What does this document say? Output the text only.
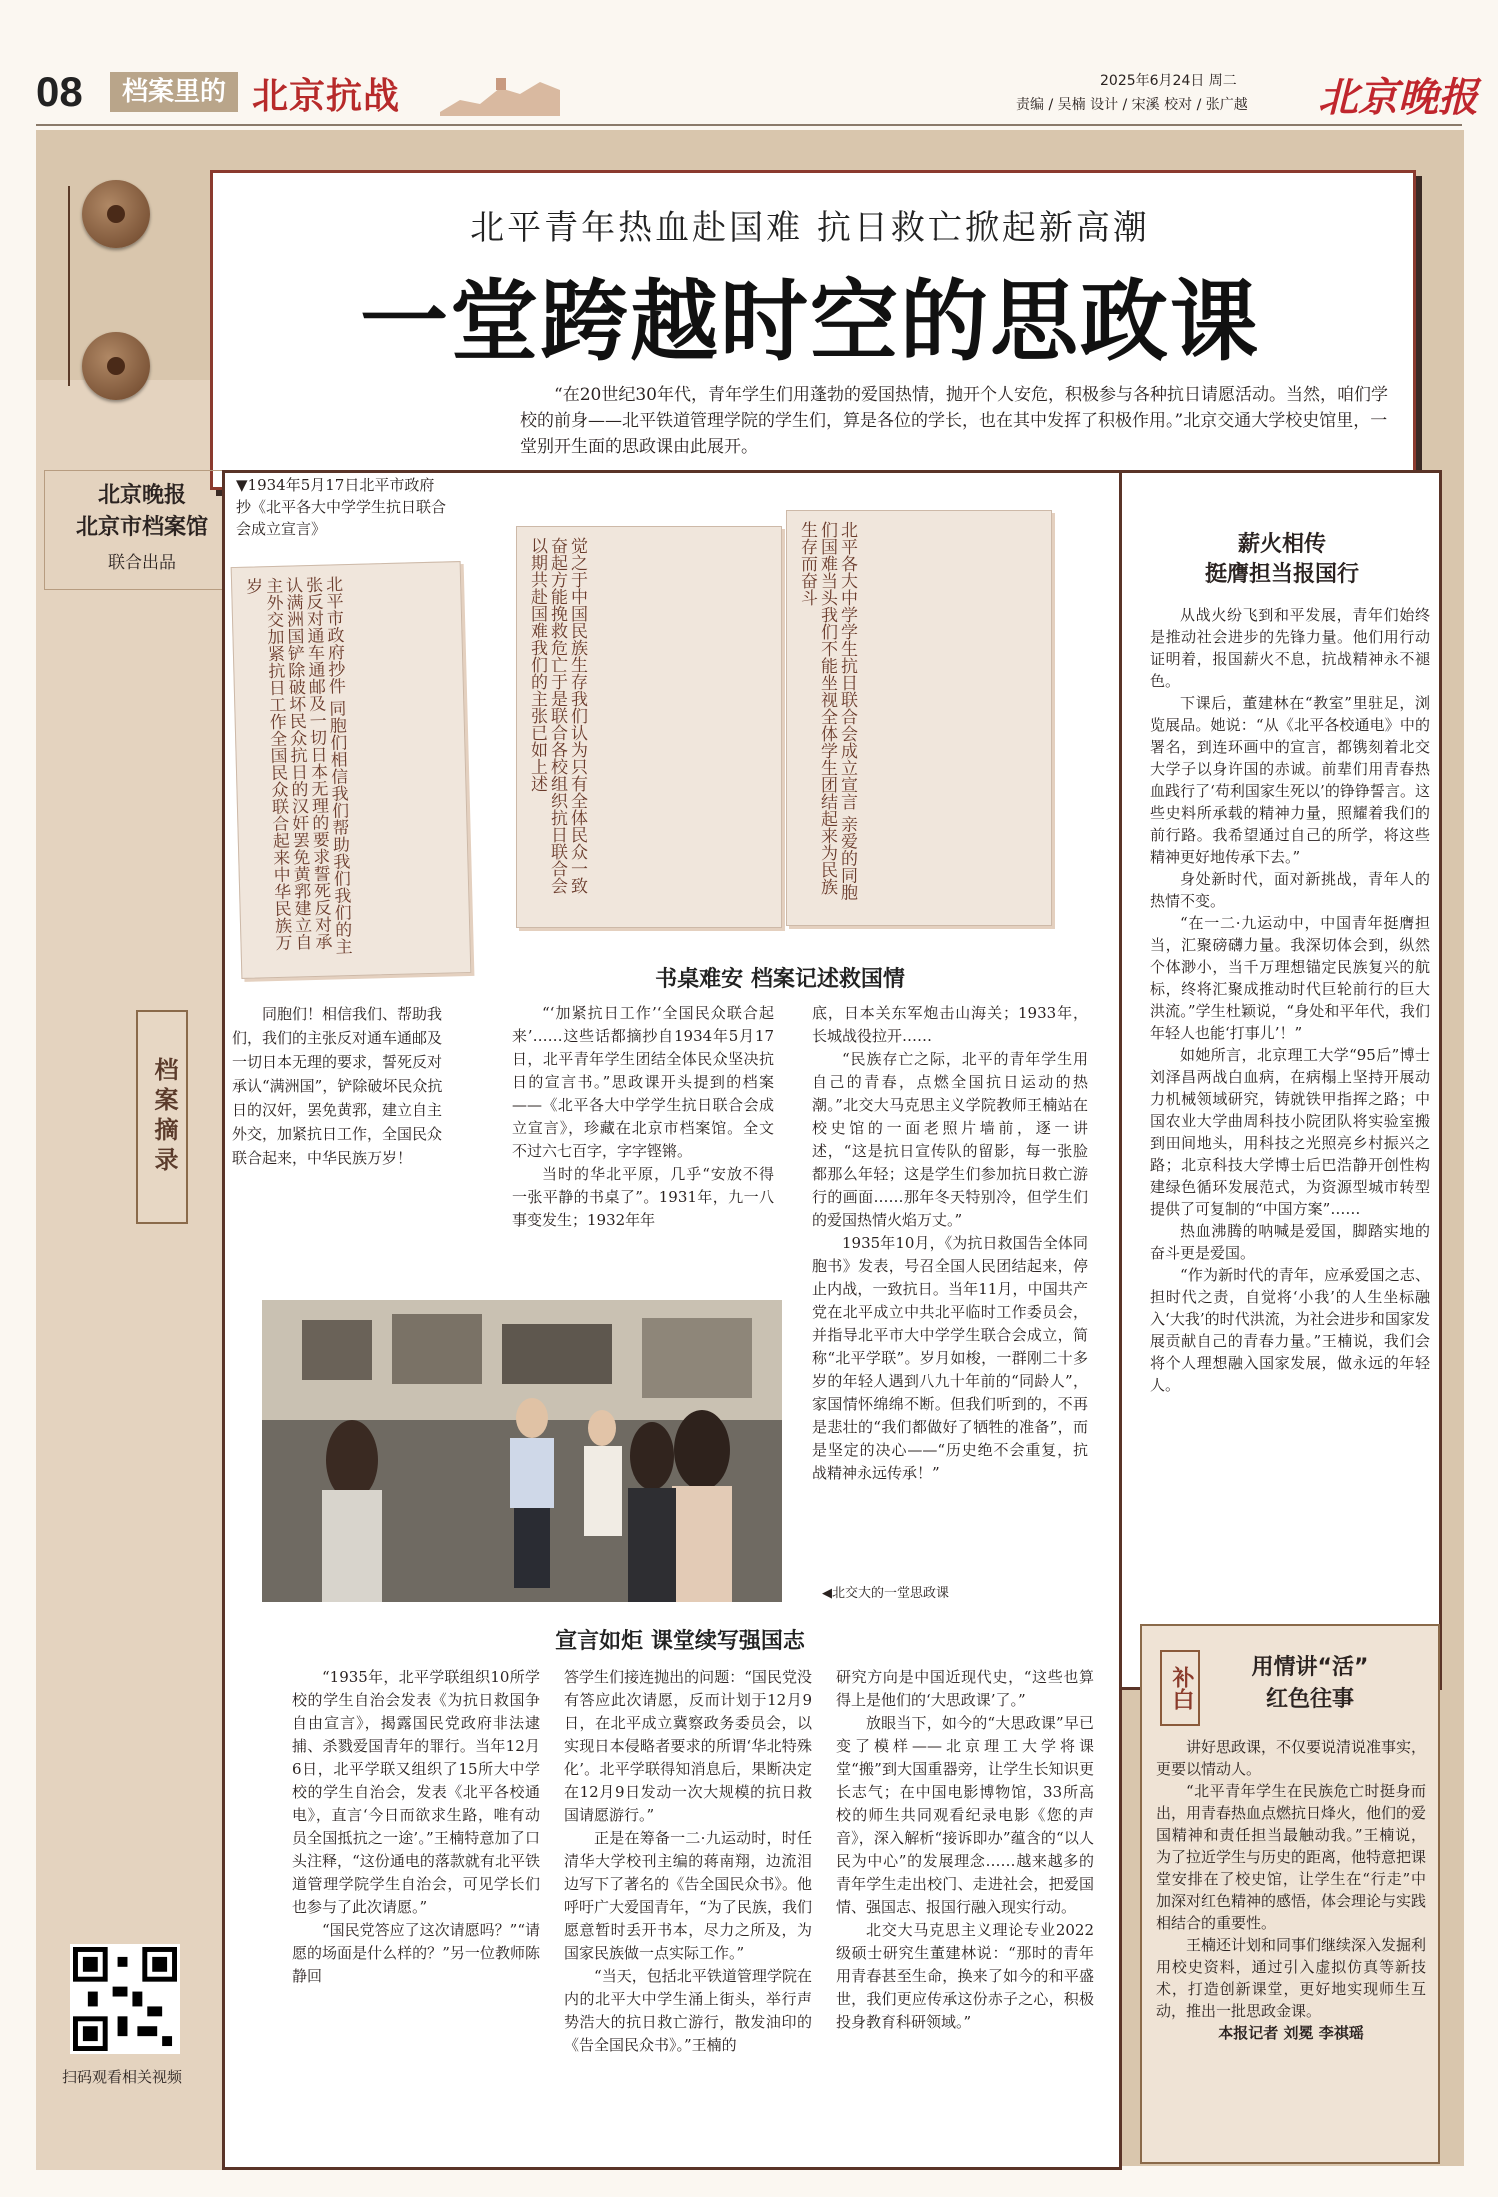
08	档案里的 北京抗战	2025年6月24日 周二
责编 / 吴楠 设计 / 宋溪 校对 / 张广越 北京晚报
北平青年热血赴国难 抗日救亡掀起新高潮
一堂跨越时空的思政课
“在20世纪30年代，青年学生们用蓬勃的爱国热情，抛开个人安危，积极参与各种抗日请愿活动。当然，咱们学校的前身——北平铁道管理学院的学生们，算是各位的学长，也在其中发挥了积极作用。”北京交通大学校史馆里，一堂别开生面的思政课由此展开。
北京晚报
北京市档案馆
联合出品
▼1934年5月17日北平市政府抄《北平各大中学学生抗日联合会成立宣言》
北平市政府抄件 同胞们相信我们帮助我们我们的主张反对通车通邮及一切日本无理的要求誓死反对承认满洲国铲除破坏民众抗日的汉奸罢免黄郛建立自主外交加紧抗日工作全国民众联合起来中华民族万岁	觉之于中国民族生存我们认为只有全体民众一致奋起方能挽救危亡于是联合各校组织抗日联合会以期共赴国难我们的主张已如上述	北平各大中学学生抗日联合会成立宣言 亲爱的同胞们国难当头我们不能坐视全体学生团结起来为民族生存而奋斗
书桌难安 档案记述救国情

“‘加紧抗日工作’‘全国民众联合起来’……这些话都摘抄自1934年5月17日，北平青年学生团结全体民众坚决抗日的宣言书。”思政课开头提到的档案——《北平各大中学学生抗日联合会成立宣言》，珍藏在北京市档案馆。全文不过六七百字，字字铿锵。

当时的华北平原，几乎“安放不得一张平静的书桌了”。1931年，九一八事变发生；1932年年

底，日本关东军炮击山海关；1933年，长城战役拉开……

“民族存亡之际，北平的青年学生用自己的青春，点燃全国抗日运动的热潮。”北交大马克思主义学院教师王楠站在校史馆的一面老照片墙前，逐一讲述，“这是抗日宣传队的留影，每一张脸都那么年轻；这是学生们参加抗日救亡游行的画面……那年冬天特别冷，但学生们的爱国热情火焰万丈。”

1935年10月，《为抗日救国告全体同胞书》发表，号召全国人民团结起来，停止内战，一致抗日。当年11月，中国共产党在北平成立中共北平临时工作委员会，并指导北平市大中学学生联合会成立，简称“北平学联”。岁月如梭，一群刚二十多岁的年轻人遇到八九十年前的“同龄人”，家国情怀绵绵不断。但我们听到的，不再是悲壮的“我们都做好了牺牲的准备”，而是坚定的决心——“历史绝不会重复，抗战精神永远传承！”

档案摘录
同胞们！相信我们、帮助我们，我们的主张反对通车通邮及一切日本无理的要求，誓死反对承认“满洲国”，铲除破坏民众抗日的汉奸，罢免黄郛，建立自主外交，加紧抗日工作，全国民众联合起来，中华民族万岁！
◀北交大的一堂思政课
宣言如炬 课堂续写强国志

“1935年，北平学联组织10所学校的学生自治会发表《为抗日救国争自由宣言》，揭露国民党政府非法逮捕、杀戮爱国青年的罪行。当年12月6日，北平学联又组织了15所大中学校的学生自治会，发表《北平各校通电》，直言‘今日而欲求生路，唯有动员全国抵抗之一途’。”王楠特意加了口头注释，“这份通电的落款就有北平铁道管理学院学生自治会，可见学长们也参与了此次请愿。”

“国民党答应了这次请愿吗？”“请愿的场面是什么样的？”另一位教师陈静回

答学生们接连抛出的问题：“国民党没有答应此次请愿，反而计划于12月9日，在北平成立冀察政务委员会，以实现日本侵略者要求的所谓‘华北特殊化’。北平学联得知消息后，果断决定在12月9日发动一次大规模的抗日救国请愿游行。”

正是在筹备一二·九运动时，时任清华大学校刊主编的蒋南翔，边流泪边写下了著名的《告全国民众书》。他呼吁广大爱国青年，“为了民族，我们愿意暂时丢开书本，尽力之所及，为国家民族做一点实际工作。”

“当天，包括北平铁道管理学院在内的北平大中学生涌上街头，举行声势浩大的抗日救亡游行，散发油印的《告全国民众书》。”王楠的

研究方向是中国近现代史，“这些也算得上是他们的‘大思政课’了。”

放眼当下，如今的“大思政课”早已变了模样——北京理工大学将课堂“搬”到大国重器旁，让学生长知识更长志气；在中国电影博物馆，33所高校的师生共同观看纪录电影《您的声音》，深入解析“接诉即办”蕴含的“以人民为中心”的发展理念……越来越多的青年学生走出校门、走进社会，把爱国情、强国志、报国行融入现实行动。

北交大马克思主义理论专业2022级硕士研究生董建林说：“那时的青年用青春甚至生命，换来了如今的和平盛世，我们更应传承这份赤子之心，积极投身教育科研领域。”

薪火相传
挺膺担当报国行

从战火纷飞到和平发展，青年们始终是推动社会进步的先锋力量。他们用行动证明着，报国薪火不息，抗战精神永不褪色。

下课后，董建林在“教室”里驻足，浏览展品。她说：“从《北平各校通电》中的署名，到连环画中的宣言，都镌刻着北交大学子以身许国的赤诚。前辈们用青春热血践行了‘苟利国家生死以’的铮铮誓言。这些史料所承载的精神力量，照耀着我们的前行路。我希望通过自己的所学，将这些精神更好地传承下去。”

身处新时代，面对新挑战，青年人的热情不变。

“在一二·九运动中，中国青年挺膺担当，汇聚磅礴力量。我深切体会到，纵然个体渺小，当千万理想锚定民族复兴的航标，终将汇聚成推动时代巨轮前行的巨大洪流。”学生杜颖说，“身处和平年代，我们年轻人也能‘打事儿’！”

如她所言，北京理工大学“95后”博士刘泽昌两战白血病，在病榻上坚持开展动力机械领域研究，铸就铁甲指挥之路；中国农业大学曲周科技小院团队将实验室搬到田间地头，用科技之光照亮乡村振兴之路；北京科技大学博士后巴浩静开创性构建绿色循环发展范式，为资源型城市转型提供了可复制的“中国方案”……

热血沸腾的呐喊是爱国，脚踏实地的奋斗更是爱国。

“作为新时代的青年，应承爱国之志、担时代之责，自觉将‘小我’的人生坐标融入‘大我’的时代洪流，为社会进步和国家发展贡献自己的青春力量。”王楠说，我们会将个人理想融入国家发展，做永远的年轻人。

补白	用情讲“活”
红色往事

讲好思政课，不仅要说清说准事实，更要以情动人。

“北平青年学生在民族危亡时挺身而出，用青春热血点燃抗日烽火，他们的爱国精神和责任担当最触动我。”王楠说，为了拉近学生与历史的距离，他特意把课堂安排在了校史馆，让学生在“行走”中加深对红色精神的感悟，体会理论与实践相结合的重要性。

王楠还计划和同事们继续深入发掘利用校史资料，通过引入虚拟仿真等新技术，打造创新课堂，更好地实现师生互动，推出一批思政金课。

本报记者 刘冕 李祺瑶

扫码观看相关视频
